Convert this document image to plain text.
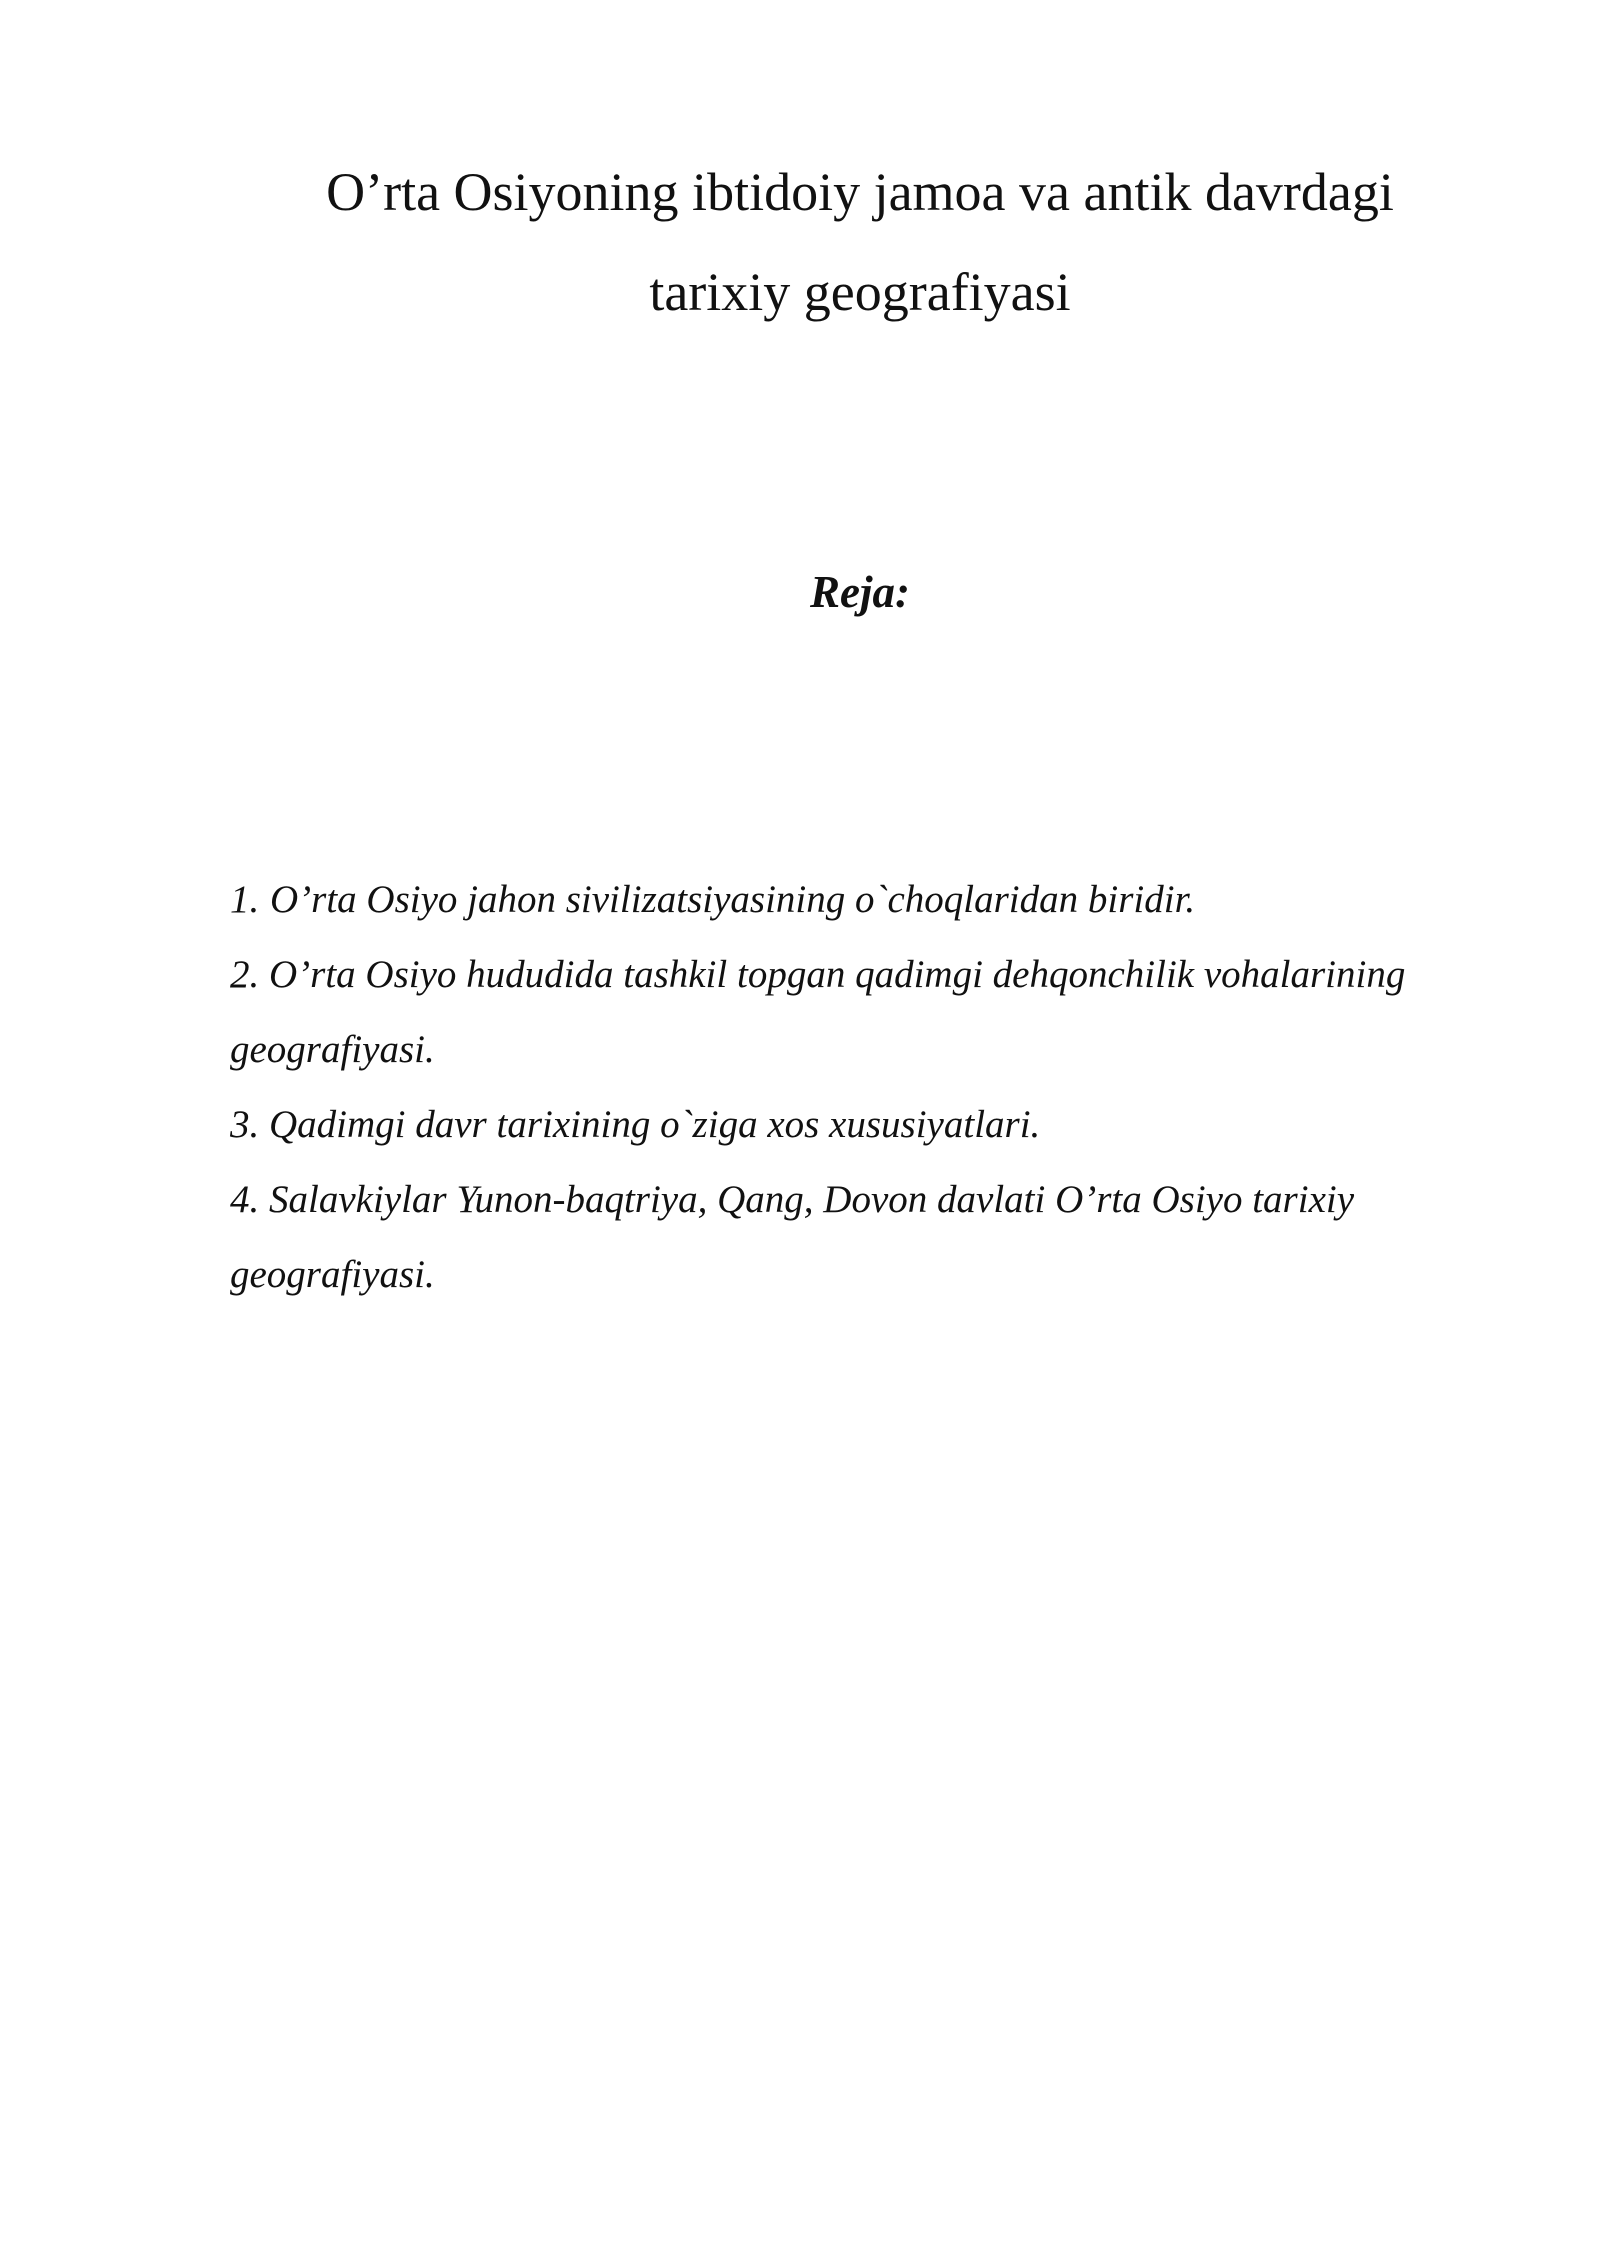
O’rta Osiyoning ibtidoiy jamoa va antik davrdagi
tarixiy geografiyasi
Reja:
1. O’rta Osiyo jahon sivilizatsiyasining o`choqlaridan biridir.
2. O’rta Osiyo hududida tashkil topgan qadimgi dehqonchilik vohalarining geografiyasi.
3. Qadimgi davr tarixining o`ziga xos xususiyatlari.
4. Salavkiylar Yunon-baqtriya, Qang, Dovon davlati O’rta Osiyo tarixiy geografiyasi.
